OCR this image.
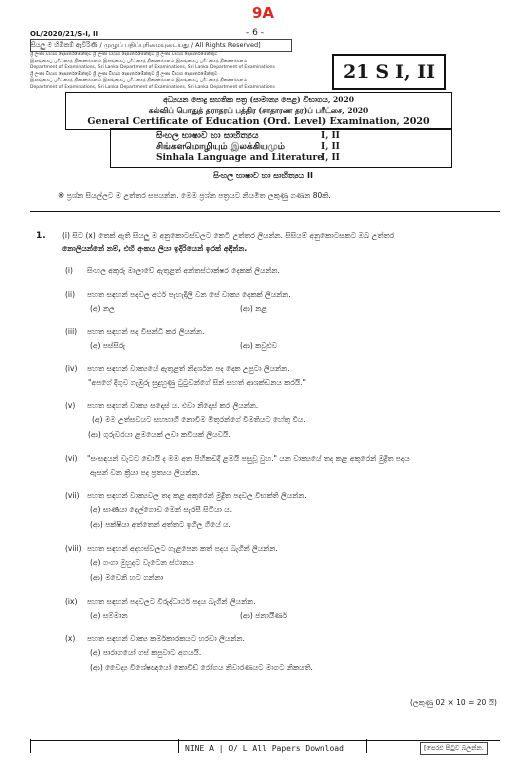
9A
- 6 -
OL/2020/21/S-I, II
සියලු ම හිමිකම් ඇවිරිණි / முழுப் பதிப்புரிமையுடையது / All Rights Reserved]
ශ්‍රී ලංකා විභාග දෙපාර්තමේන්තුව ශ්‍රී ලංකා විභාග දෙපාර්තමේන්තුව ශ්‍රී ලංකා විභාග දෙපාර්තමේන්තුව
இலங்கைப் பரீட்சைத் திணைக்களம் இலங்கைப் பரீட்சைத் திணைக்களம் இலங்கைப் பரீட்சைத் திணைக்களம்
Department of Examinations, Sri Lanka Department of Examinations, Sri Lanka Department of Examinations
ශ්‍රී ලංකා විභාග දෙපාර්තමේන්තුව ශ්‍රී ලංකා විභාග දෙපාර්තමේන්තුව ශ්‍රී ලංකා විභාග දෙපාර්තමේන්තුව
இலங்கைப் பரீட்சைத் திணைக்களம் இலங்கைப் பரீட்சைத் திணைக்களம் இலங்கைப் பரீட்சைத் திணைக்களம்
Department of Examinations, Sri Lanka Department of Examinations, Sri Lanka Department of Examinations
21 S I, II
අධ්‍යයන පොදු සහතික පත්‍ර (සාමාන්‍ය පෙළ) විභාගය, 2020
கல்விப் பொதுத் தராதரப் பத்திர (சாதாரண தர)ப் பரீட்சை, 2020
General Certificate of Education (Ord. Level) Examination, 2020
සිංහල භාෂාව හා සාහිත්‍යය	I, II
சிங்களமொழியும் இலக்கியமும்	I, II
Sinhala Language and Literature
I, II
සිංහල භාෂාව හා සාහිත්‍යය II
※ ප්‍රශ්න සියල්ලට ම උත්තර සපයන්න. මෙම ප්‍රශ්න පත්‍රයට නියමිත ලකුණු ගණන 80කි.
1. (i) සිට (x) තෙක් ඇති සියලු ම අනුකොටස්වලට කෙටි උත්තර ලියන්න. සිසියම් අනුකොටසකට ඔබ උත්තර
නොලියන්නේ නම්, එහි අංකය ලියා ඉදිරියෙන් ඉරක් අඳින්න.
(i) සිංහල අකුරු මාලාවේ ඇතුළත් අන්තස්ථාක්ෂර දෙකක් ලියන්න.
(ii) පහත සඳහන් පදවල අර්ථ පැහැදිලි වන සේ වාක්‍ය දෙකක් ලියන්න.
(අ) නල	(ආ) නළ
(iii) පහත සඳහන් පද විසන්ධි කර ලියන්න.
(අ) පස්සිරු	(ආ) කවුළුව
(iv) පහත සඳහන් වාක්‍යයේ ඇතුළත් නිදර්ශන පද දෙක උපුටා ලියන්න.
"අපගේ දිගුව ගැඹුරු සුදුහුණු ටුටුවන්ගේ සින් සහත් ආශක්ඩනය කරයි."
(v) පහත සඳහන් වාක්‍ය සදොස් ය. එවා නිදොස් කර ලියන්න.
(අ) මම උත්සවයට සහභාගී නොවීම මිතුරන්ගේ විමතියට හේතු විය.
(ආ) ගුරුවරයා ළමයෙක් ලවා කවියක් ලියවයි.
(vi) "සංසඳයන් වැටට ඩොයි ද මම අත පිහිකඩදී ළමයි පසුවූ වුහ." යන වාක්‍යයේ තද කළ අකුරෙන් මුද්‍රිත පදය
ඇසන් වන ක්‍රියා පද ප්‍රත්‍යය ලියන්න.
(vii) පහත සඳහන් වාක්‍යවල තද කළ අකුරෙන් මුද්‍රිත පදවල විභක්ති ලියන්න.
(අ) සාර්‍ණයා දෙල්ගොඩ මෙන් සැරසී සිටියා ය.
(ආ) පක්ෂියා අත්තෙන් අත්තට ඉගිල ගියේ ය.
(viii) පහත සඳහන් අදහස්වලට ගැළපෙන කත් පදය බැගින් ලියන්න.
(අ) ගංගා මුහුදට වැටෙන ස්ථානය
(ආ) මවෙනි හට ගන්නා
(ix) පහත සඳහන් පදවලට විරුද්ධාර්ථ පදය බැගින් ලියන්න.
(අ) සම්මාන	(ආ) ජනායීර්ණ
(x) පහත සඳහන් වාක්‍ය කර්මකාරකයට හරවා ලියන්න.
(අ) පාරාගයෝ ගස් කපුවාට අගයයි.
(ආ) වෛද්‍ය විශේෂඥයෝ කොවිඩ් රෝගය නිවාරණයට මාගට නිකයති.
(ලකුණු 02 × 10 = 20 යි)
NINE A | O/ L All Papers Download	[පෙරළු පිටුව බලන්න.
